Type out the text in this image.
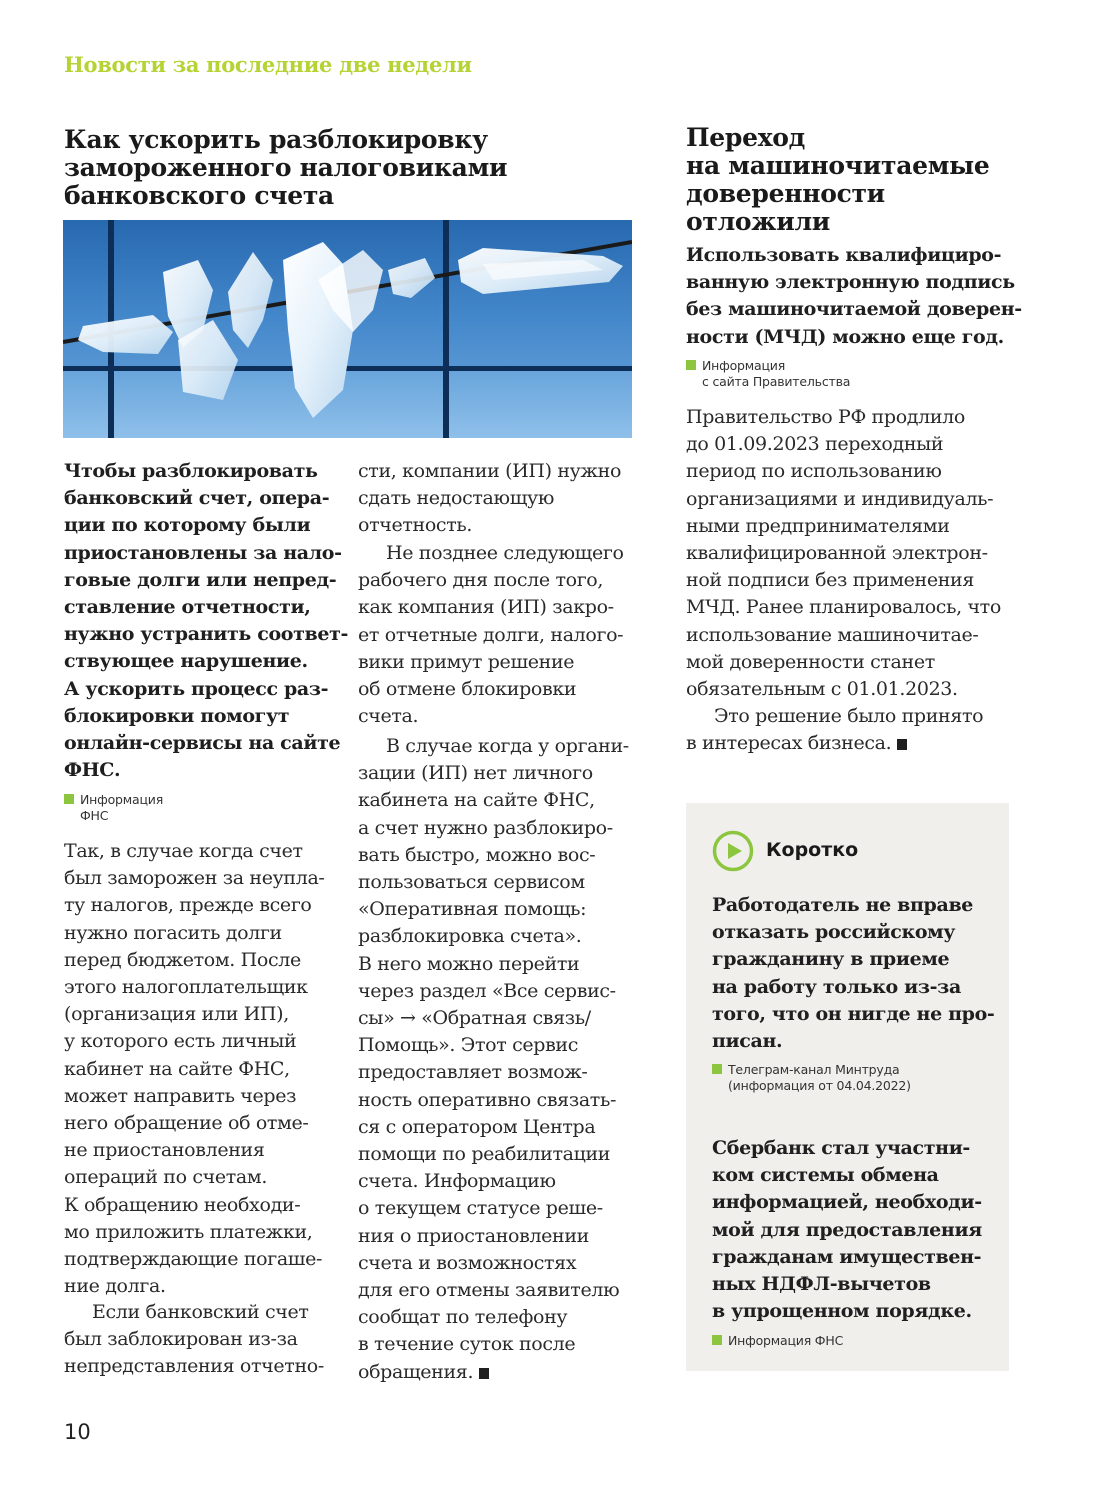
Новости за последние две недели
Как ускорить разблокировку
замороженного налоговиками
банковского счета
Чтобы разблокировать
банковский счет, опера-
ции по которому были
приостановлены за нало-
говые долги или непред-
ставление отчетности,
нужно устранить соответ-
ствующее нарушение.
А ускорить процесс раз-
блокировки помогут
онлайн-сервисы на сайте
ФНС.
Информация
ФНС
Так, в случае когда счет
был заморожен за неупла-
ту налогов, прежде всего
нужно погасить долги
перед бюджетом. После
этого налогоплательщик
(организация или ИП),
у которого есть личный
кабинет на сайте ФНС,
может направить через
него обращение об отме-
не приостановления
операций по счетам.
К обращению необходи-
мо приложить платежки,
подтверждающие погаше-
ние долга.
Если банковский счет
был заблокирован из-за
непредставления отчетно-
сти, компании (ИП) нужно
сдать недостающую
отчетность.
Не позднее следующего
рабочего дня после того,
как компания (ИП) закро-
ет отчетные долги, налого-
вики примут решение
об отмене блокировки
счета.
В случае когда у органи-
зации (ИП) нет личного
кабинета на сайте ФНС,
а счет нужно разблокиро-
вать быстро, можно вос-
пользоваться сервисом
«Оперативная помощь:
разблокировка счета».
В него можно перейти
через раздел «Все сервис-
сы» → «Обратная связь/
Помощь». Этот сервис
предоставляет возмож-
ность оперативно связать-
ся с оператором Центра
помощи по реабилитации
счета. Информацию
о текущем статусе реше-
ния о приостановлении
счета и возможностях
для его отмены заявителю
сообщат по телефону
в течение суток после
обращения.
Переход
на машиночитаемые
доверенности
отложили
Использовать квалифициро-
ванную электронную подпись
без машиночитаемой доверен-
ности (МЧД) можно еще год.
Информация
с сайта Правительства
Правительство РФ продлило
до 01.09.2023 переходный
период по использованию
организациями и индивидуаль-
ными предпринимателями
квалифицированной электрон-
ной подписи без применения
МЧД. Ранее планировалось, что
использование машиночитае-
мой доверенности станет
обязательным с 01.01.2023.
Это решение было принято
в интересах бизнеса.
Коротко
Работодатель не вправе
отказать российскому
гражданину в приеме
на работу только из-за
того, что он нигде не про-
писан.
Телеграм-канал Минтруда
(информация от 04.04.2022)
Сбербанк стал участни-
ком системы обмена
информацией, необходи-
мой для предоставления
гражданам имуществен-
ных НДФЛ-вычетов
в упрощенном порядке.
Информация ФНС
10
